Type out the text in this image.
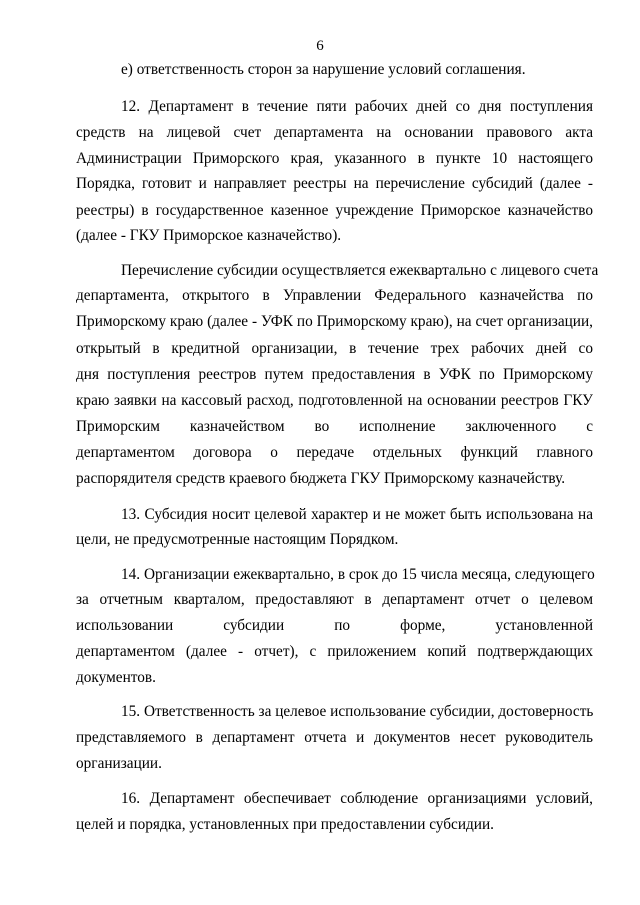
6
е) ответственность сторон за нарушение условий соглашения.
12. Департамент в течение пяти рабочих дней со дня поступления
средств на лицевой счет департамента на основании правового акта
Администрации Приморского края, указанного в пункте 10 настоящего
Порядка, готовит и направляет реестры на перечисление субсидий (далее -
реестры) в государственное казенное учреждение Приморское казначейство
(далее - ГКУ Приморское казначейство).
Перечисление субсидии осуществляется ежеквартально с лицевого счета
департамента, открытого в Управлении Федерального казначейства по
Приморскому краю (далее - УФК по Приморскому краю), на счет организации,
открытый в кредитной организации, в течение трех рабочих дней со
дня поступления реестров путем предоставления в УФК по Приморскому
краю заявки на кассовый расход, подготовленной на основании реестров ГКУ
Приморским казначейством во исполнение заключенного с
департаментом договора о передаче отдельных функций главного
распорядителя средств краевого бюджета ГКУ Приморскому казначейству.
13. Субсидия носит целевой характер и не может быть использована на
цели, не предусмотренные настоящим Порядком.
14. Организации ежеквартально, в срок до 15 числа месяца, следующего
за отчетным кварталом, предоставляют в департамент отчет о целевом
использовании субсидии по форме, установленной
департаментом (далее - отчет), с приложением копий подтверждающих
документов.
15. Ответственность за целевое использование субсидии, достоверность
представляемого в департамент отчета и документов несет руководитель
организации.
16. Департамент обеспечивает соблюдение организациями условий,
целей и порядка, установленных при предоставлении субсидии.
